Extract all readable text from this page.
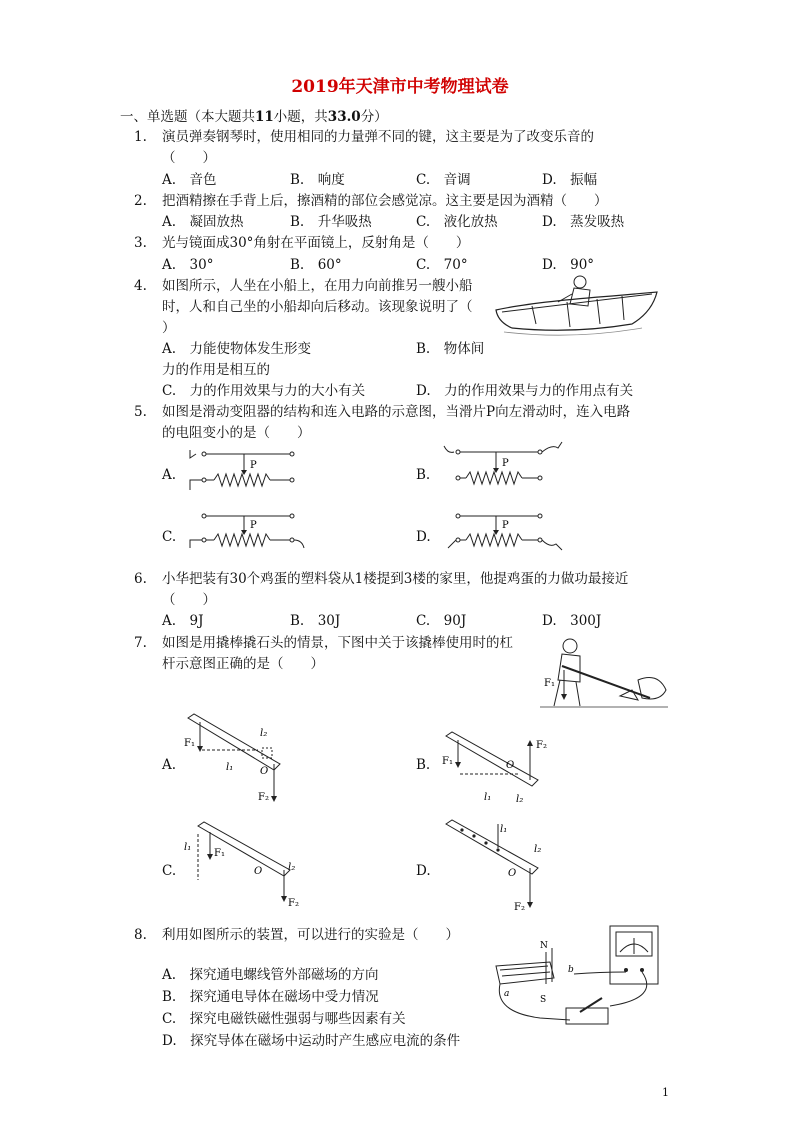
2019年天津市中考物理试卷
一、单选题（本大题共11小题，共33.0分）
1.	演员弹奏钢琴时，使用相同的力量弹不同的键，这主要是为了改变乐音的
（　　）
A.　音色	B.　响度	C.　音调	D.　振幅
2.	把酒精擦在手背上后，擦酒精的部位会感觉凉。这主要是因为酒精（　　）
A.　凝固放热	B.　升华吸热	C.　液化放热	D.　蒸发吸热
3.	光与镜面成30°角射在平面镜上，反射角是（　　）
A.　30°	B.　60°	C.　70°	D.　90°
4.	如图所示，人坐在小船上，在用力向前推另一艘小船
时，人和自己坐的小船却向后移动。该现象说明了（
）
A.　力能使物体发生形变	B.　物体间
力的作用是相互的
C.　力的作用效果与力的大小有关	D.　力的作用效果与力的作用点有关
5.	如图是滑动变阻器的结构和连入电路的示意图，当滑片P向左滑动时，连入电路
的电阻变小的是（　　）
A.	B.
C.	D.
P	P
P	P
6.	小华把装有30个鸡蛋的塑料袋从1楼提到3楼的家里，他提鸡蛋的力做功最接近
（　　）
A.　9J	B.　30J	C.　90J	D.　300J
7.	如图是用撬棒撬石头的情景，下图中关于该撬棒使用时的杠
杆示意图正确的是（　　）
F₁
A.	B.
C.	D.
F₁
l₁	O
F₂
l₂
F₁
l₁
O
F₂
l₂
F₁
l₁
O
F₂
l₂
l₁
O
F₂
l₂
8.	利用如图所示的装置，可以进行的实验是（　　）
A.　探究通电螺线管外部磁场的方向
B.　探究通电导体在磁场中受力情况
C.　探究电磁铁磁性强弱与哪些因素有关
D.　探究导体在磁场中运动时产生感应电流的条件
N
S
a
b
1
